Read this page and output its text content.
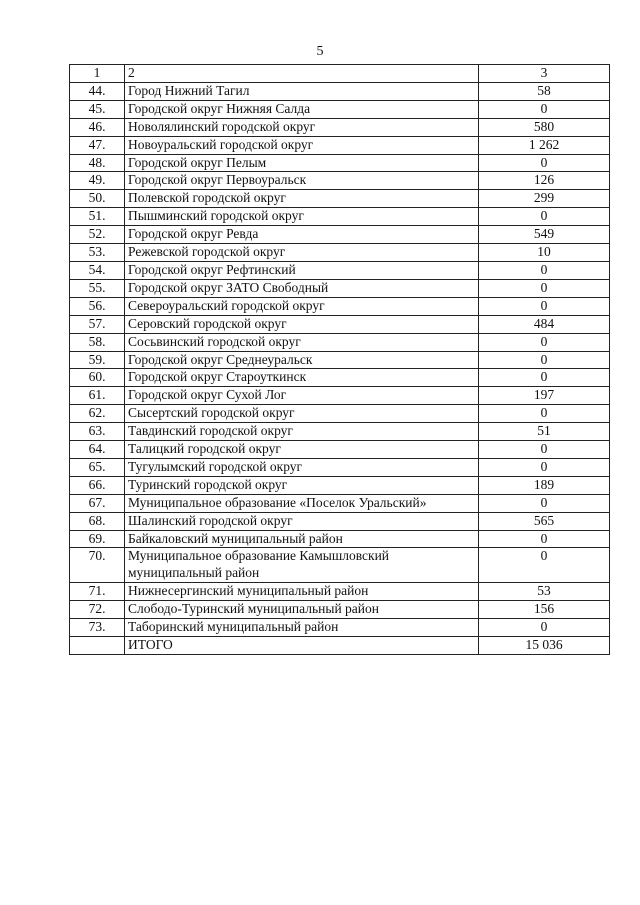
5
1	2	3
44.	Город Нижний Тагил	58
45.	Городской округ Нижняя Салда	0
46.	Новолялинский городской округ	580
47.	Новоуральский городской округ	1 262
48.	Городской округ Пелым	0
49.	Городской округ Первоуральск	126
50.	Полевской городской округ	299
51.	Пышминский городской округ	0
52.	Городской округ Ревда	549
53.	Режевской городской округ	10
54.	Городской округ Рефтинский	0
55.	Городской округ ЗАТО Свободный	0
56.	Североуральский городской округ	0
57.	Серовский городской округ	484
58.	Сосьвинский городской округ	0
59.	Городской округ Среднеуральск	0
60.	Городской округ Староуткинск	0
61.	Городской округ Сухой Лог	197
62.	Сысертский городской округ	0
63.	Тавдинский городской округ	51
64.	Талицкий городской округ	0
65.	Тугулымский городской округ	0
66.	Туринский городской округ	189
67.	Муниципальное образование «Поселок Уральский»	0
68.	Шалинский городской округ	565
69.	Байкаловский муниципальный район	0
70.	Муниципальное образование Камышловский муниципальный район	0
71.	Нижнесергинский муниципальный район	53
72.	Слободо-Туринский муниципальный район	156
73.	Таборинский муниципальный район	0
	ИТОГО	15 036
